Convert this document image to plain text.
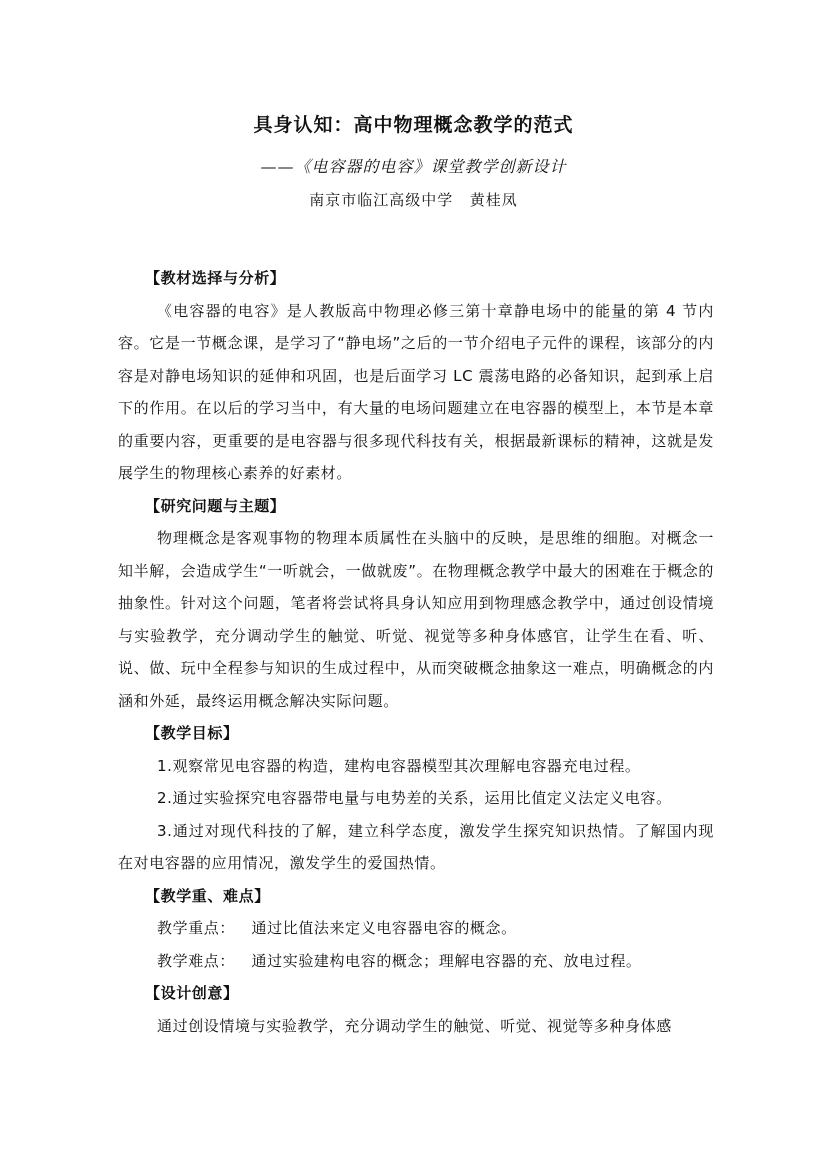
具身认知：高中物理概念教学的范式
——《电容器的电容》课堂教学创新设计
南京市临江高级中学 黄桂凤

【教材选择与分析】

《电容器的电容》是人教版高中物理必修三第十章静电场中的能量的第 4 节内容。它是一节概念课，是学习了“静电场”之后的一节介绍电子元件的课程，该部分的内容是对静电场知识的延伸和巩固，也是后面学习 LC 震荡电路的必备知识，起到承上启下的作用。在以后的学习当中，有大量的电场问题建立在电容器的模型上，本节是本章的重要内容，更重要的是电容器与很多现代科技有关，根据最新课标的精神，这就是发展学生的物理核心素养的好素材。

【研究问题与主题】

物理概念是客观事物的物理本质属性在头脑中的反映，是思维的细胞。对概念一知半解，会造成学生“一听就会，一做就废”。在物理概念教学中最大的困难在于概念的抽象性。针对这个问题，笔者将尝试将具身认知应用到物理感念教学中，通过创设情境与实验教学，充分调动学生的触觉、听觉、视觉等多种身体感官，让学生在看、听、说、做、玩中全程参与知识的生成过程中，从而突破概念抽象这一难点，明确概念的内涵和外延，最终运用概念解决实际问题。

【教学目标】

1.观察常见电容器的构造，建构电容器模型其次理解电容器充电过程。

2.通过实验探究电容器带电量与电势差的关系，运用比值定义法定义电容。

3.通过对现代科技的了解，建立科学态度，激发学生探究知识热情。了解国内现在对电容器的应用情况，激发学生的爱国热情。

【教学重、难点】

教学重点： 通过比值法来定义电容器电容的概念。

教学难点： 通过实验建构电容的概念；理解电容器的充、放电过程。

【设计创意】

通过创设情境与实验教学，充分调动学生的触觉、听觉、视觉等多种身体感
